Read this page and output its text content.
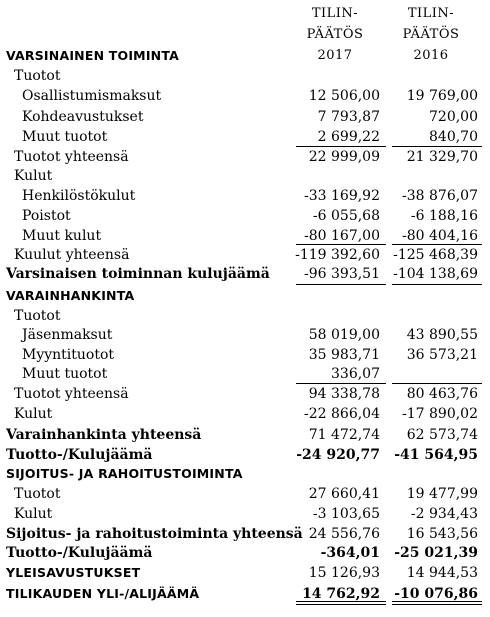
TILIN-
PÄÄTÖS
2017
TILIN-
PÄÄTÖS
2016
VARSINAINEN TOIMINTA
Tuotot
Osallistumismaksut	12 506,00	19 769,00
Kohdeavustukset	7 793,87	720,00
Muut tuotot	2 699,22	840,70
Tuotot yhteensä	22 999,09	21 329,70
Kulut
Henkilöstökulut	-33 169,92	-38 876,07
Poistot	-6 055,68	-6 188,16
Muut kulut	-80 167,00	-80 404,16
Kuulut yhteensä	-119 392,60 -125 468,39
Varsinaisen toiminnan kulujäämä	-96 393,51 -104 138,69
VARAINHANKINTA
Tuotot
Jäsenmaksut	58 019,00	43 890,55
Myyntituotot	35 983,71	36 573,21
Muut tuotot	336,07
Tuotot yhteensä	94 338,78	80 463,76
Kulut	-22 866,04	-17 890,02
Varainhankinta yhteensä	71 472,74	62 573,74
Tuotto-/Kulujäämä	-24 920,77	-41 564,95
SIJOITUS- JA RAHOITUSTOIMINTA
Tuotot	27 660,41	19 477,99
Kulut	-3 103,65	-2 934,43
Sijoitus- ja rahoitustoiminta yhteensä 24 556,76	16 543,56
Tuotto-/Kulujäämä	-364,01	-25 021,39
YLEISAVUSTUKSET	15 126,93	14 944,53
TILIKAUDEN YLI-/ALIJÄÄMÄ	14 762,92	-10 076,86
